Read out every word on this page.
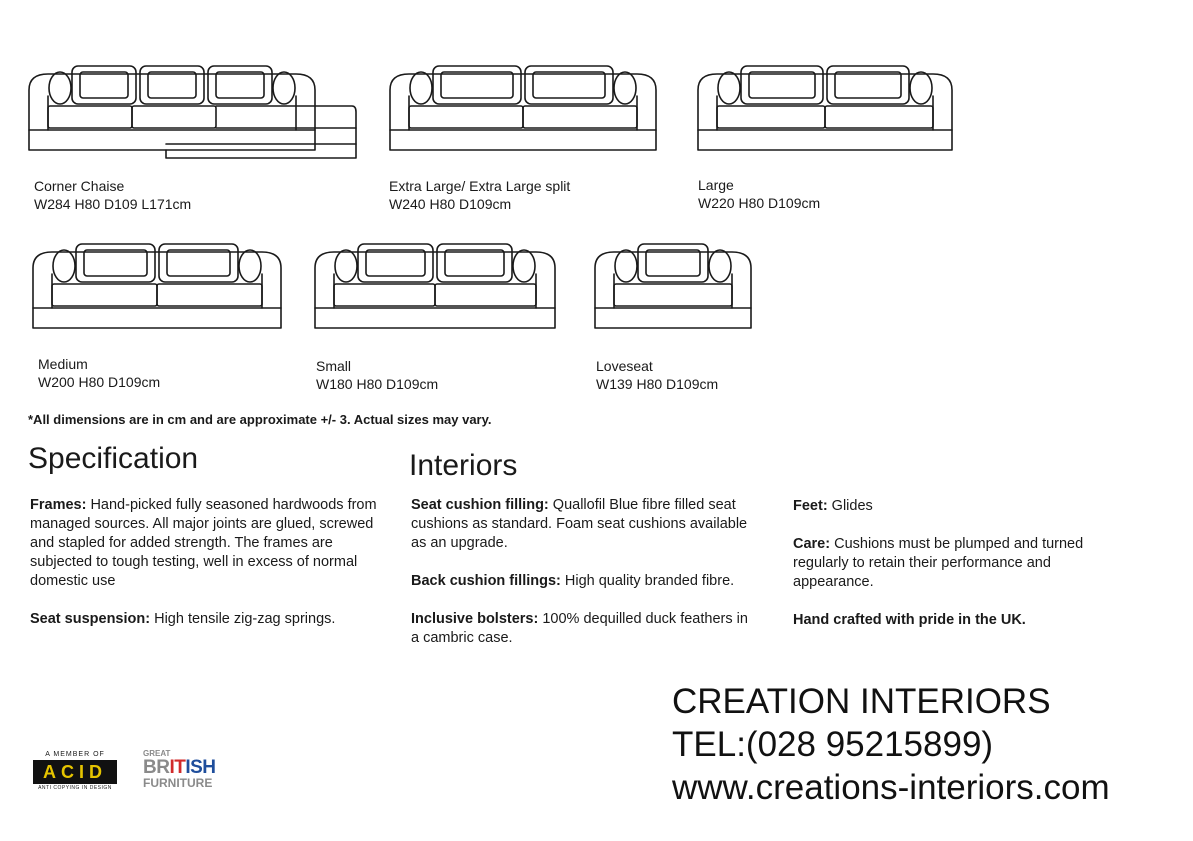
Corner Chaise
W284 H80 D109 L171cm
Extra Large/ Extra Large split
W240 H80 D109cm
Large
W220 H80 D109cm
Medium
W200 H80 D109cm
Small
W180 H80 D109cm
Loveseat
W139 H80 D109cm
*All dimensions are in cm and are approximate +/- 3. Actual sizes may vary.
Specification	Interiors

Frames: Hand-picked fully seasoned hardwoods from managed sources. All major joints are glued, screwed and stapled for added strength. The frames are subjected to tough testing, well in excess of normal domestic use

Seat suspension: High tensile zig-zag springs.

Seat cushion filling: Quallofil Blue fibre filled seat cushions as standard. Foam seat cushions available as an upgrade.

Back cushion fillings: High quality branded fibre.

Inclusive bolsters: 100% dequilled duck feathers in a cambric case.

Feet: Glides

Care: Cushions must be plumped and turned regularly to retain their performance and appearance.

Hand crafted with pride in the UK.

CREATION INTERIORS
TEL:(028 95215899)
www.creations-interiors.com
A MEMBER OF
ACID
ANTI COPYING IN DESIGN
GREAT
BRITISH
FURNITURE
